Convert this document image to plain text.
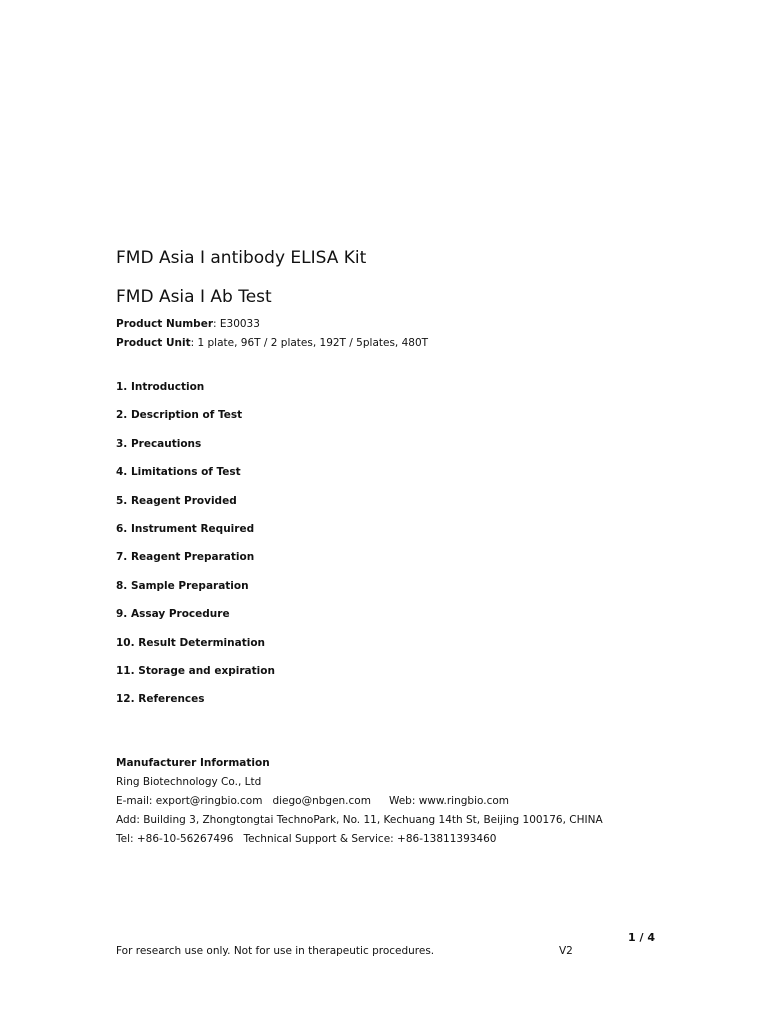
FMD Asia I antibody ELISA Kit
FMD Asia I Ab Test
Product Number: E30033
Product Unit: 1 plate, 96T / 2 plates, 192T / 5plates, 480T
1. Introduction
2. Description of Test
3. Precautions
4. Limitations of Test
5. Reagent Provided
6. Instrument Required
7. Reagent Preparation
8. Sample Preparation
9. Assay Procedure
10. Result Determination
11. Storage and expiration
12. References
Manufacturer Information
Ring Biotechnology Co., Ltd
E-mail: export@ringbio.com diego@nbgen.com Web: www.ringbio.com
Add: Building 3, Zhongtongtai TechnoPark, No. 11, Kechuang 14th St, Beijing 100176, CHINA
Tel: +86-10-56267496 Technical Support & Service: +86-13811393460
1 / 4
For research use only. Not for use in therapeutic procedures.	V2
